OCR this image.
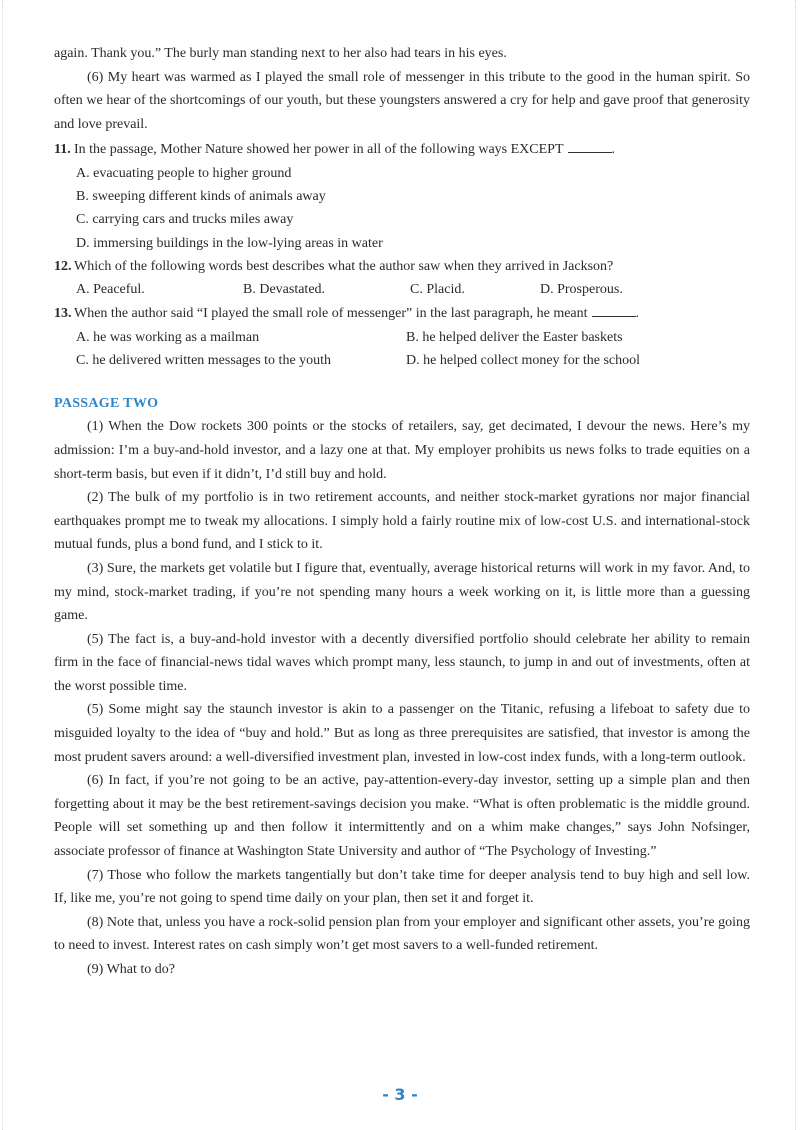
again. Thank you.” The burly man standing next to her also had tears in his eyes.

(6) My heart was warmed as I played the small role of messenger in this tribute to the good in the human spirit. So often we hear of the shortcomings of our youth, but these youngsters answered a cry for help and gave proof that generosity and love prevail.

11. In the passage, Mother Nature showed her power in all of the following ways EXCEPT	.
A. evacuating people to higher ground
B. sweeping different kinds of animals away
C. carrying cars and trucks miles away
D. immersing buildings in the low-lying areas in water
12. Which of the following words best describes what the author saw when they arrived in Jackson?
A. Peaceful.	B. Devastated.	C. Placid.	D. Prosperous.
13. When the author said “I played the small role of messenger” in the last paragraph, he meant	.
A. he was working as a mailman	B. he helped deliver the Easter baskets
C. he delivered written messages to the youth	D. he helped collect money for the school
PASSAGE TWO

(1) When the Dow rockets 300 points or the stocks of retailers, say, get decimated, I devour the news. Here’s my admission: I’m a buy-and-hold investor, and a lazy one at that. My employer prohibits us news folks to trade equities on a short-term basis, but even if it didn’t, I’d still buy and hold.

(2) The bulk of my portfolio is in two retirement accounts, and neither stock-market gyrations nor major financial earthquakes prompt me to tweak my allocations. I simply hold a fairly routine mix of low-cost U.S. and international-stock mutual funds, plus a bond fund, and I stick to it.

(3) Sure, the markets get volatile but I figure that, eventually, average historical returns will work in my favor. And, to my mind, stock-market trading, if you’re not spending many hours a week working on it, is little more than a guessing game.

(5) The fact is, a buy-and-hold investor with a decently diversified portfolio should celebrate her ability to remain firm in the face of financial-news tidal waves which prompt many, less staunch, to jump in and out of investments, often at the worst possible time.

(5) Some might say the staunch investor is akin to a passenger on the Titanic, refusing a lifeboat to safety due to misguided loyalty to the idea of “buy and hold.” But as long as three prerequisites are satisfied, that investor is among the most prudent savers around: a well-diversified investment plan, invested in low-cost index funds, with a long-term outlook.

(6) In fact, if you’re not going to be an active, pay-attention-every-day investor, setting up a simple plan and then forgetting about it may be the best retirement-savings decision you make. “What is often problematic is the middle ground. People will set something up and then follow it intermittently and on a whim make changes,” says John Nofsinger, associate professor of finance at Washington State University and author of “The Psychology of Investing.”

(7) Those who follow the markets tangentially but don’t take time for deeper analysis tend to buy high and sell low. If, like me, you’re not going to spend time daily on your plan, then set it and forget it.

(8) Note that, unless you have a rock-solid pension plan from your employer and significant other assets, you’re going to need to invest. Interest rates on cash simply won’t get most savers to a well-funded retirement.

(9) What to do?

- 3 -
